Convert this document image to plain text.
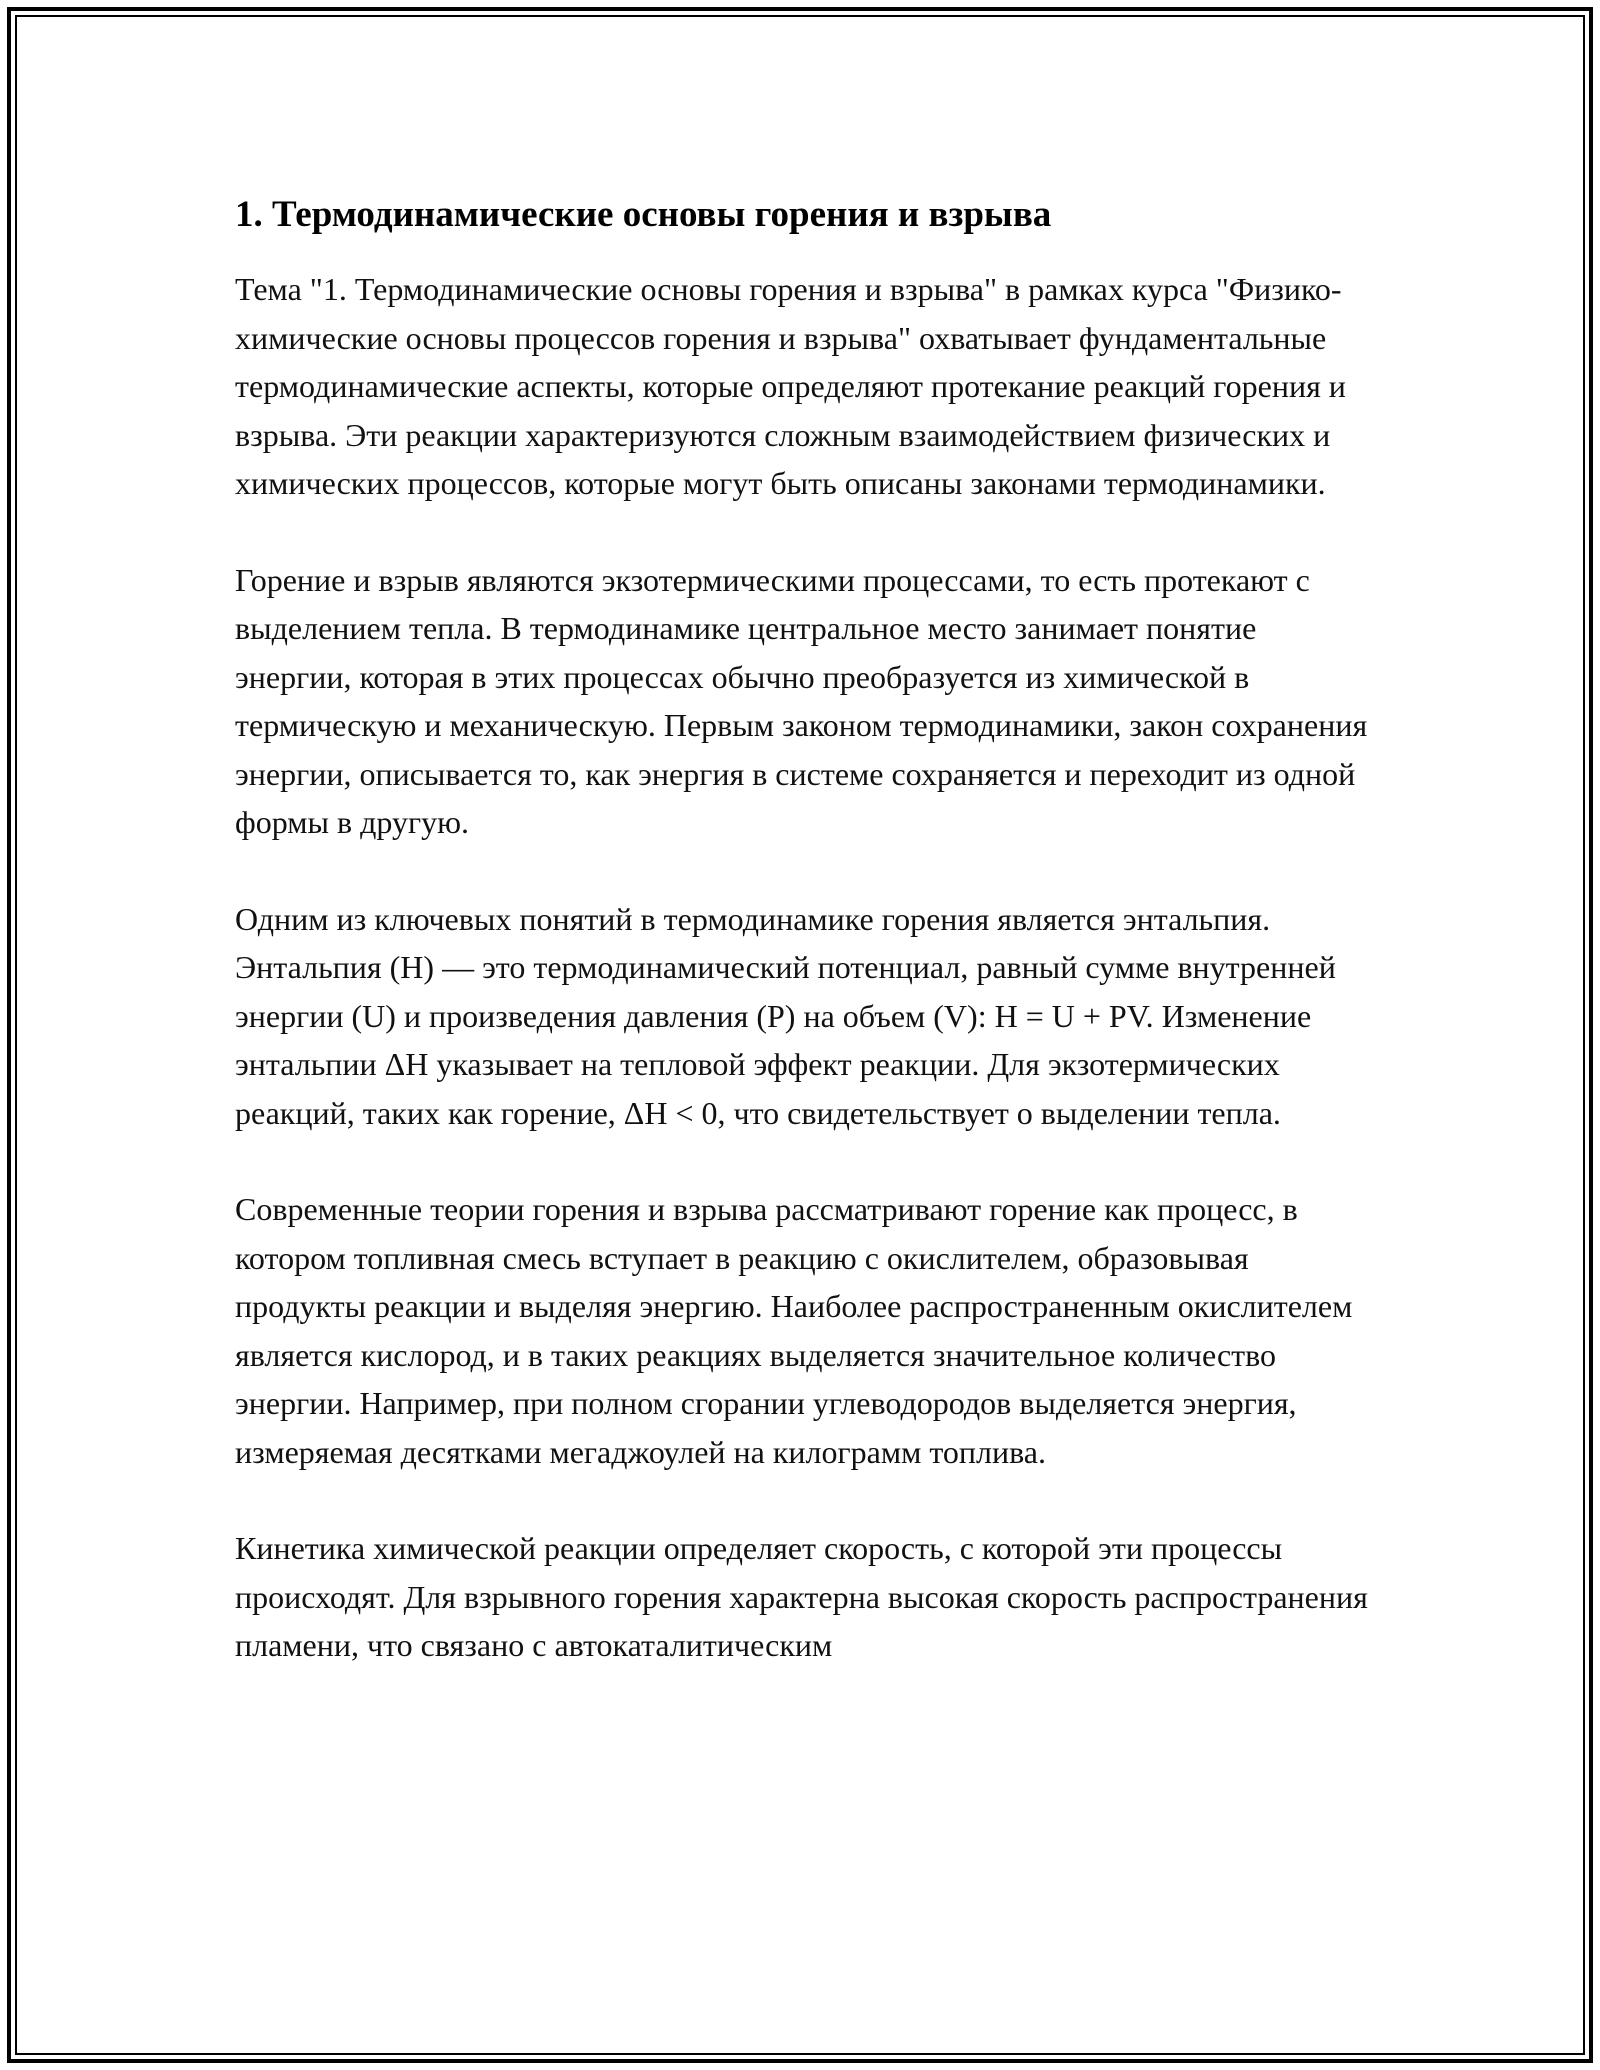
1. Термодинамические основы горения и взрыва

Тема "1. Термодинамические основы горения и взрыва" в рамках курса "Физико-химические основы процессов горения и взрыва" охватывает фундаментальные термодинамические аспекты, которые определяют протекание реакций горения и взрыва. Эти реакции характеризуются сложным взаимодействием физических и химических процессов, которые могут быть описаны законами термодинамики.

Горение и взрыв являются экзотермическими процессами, то есть протекают с выделением тепла. В термодинамике центральное место занимает понятие энергии, которая в этих процессах обычно преобразуется из химической в термическую и механическую. Первым законом термодинамики, закон сохранения энергии, описывается то, как энергия в системе сохраняется и переходит из одной формы в другую.

Одним из ключевых понятий в термодинамике горения является энтальпия. Энтальпия (H) — это термодинамический потенциал, равный сумме внутренней энергии (U) и произведения давления (P) на объем (V): H = U + PV. Изменение энтальпии ΔH указывает на тепловой эффект реакции. Для экзотермических реакций, таких как горение, ΔH < 0, что свидетельствует о выделении тепла.

Современные теории горения и взрыва рассматривают горение как процесс, в котором топливная смесь вступает в реакцию с окислителем, образовывая продукты реакции и выделяя энергию. Наиболее распространенным окислителем является кислород, и в таких реакциях выделяется значительное количество энергии. Например, при полном сгорании углеводородов выделяется энергия, измеряемая десятками мегаджоулей на килограмм топлива.

Кинетика химической реакции определяет скорость, с которой эти процессы происходят. Для взрывного горения характерна высокая скорость распространения пламени, что связано с автокаталитическим
